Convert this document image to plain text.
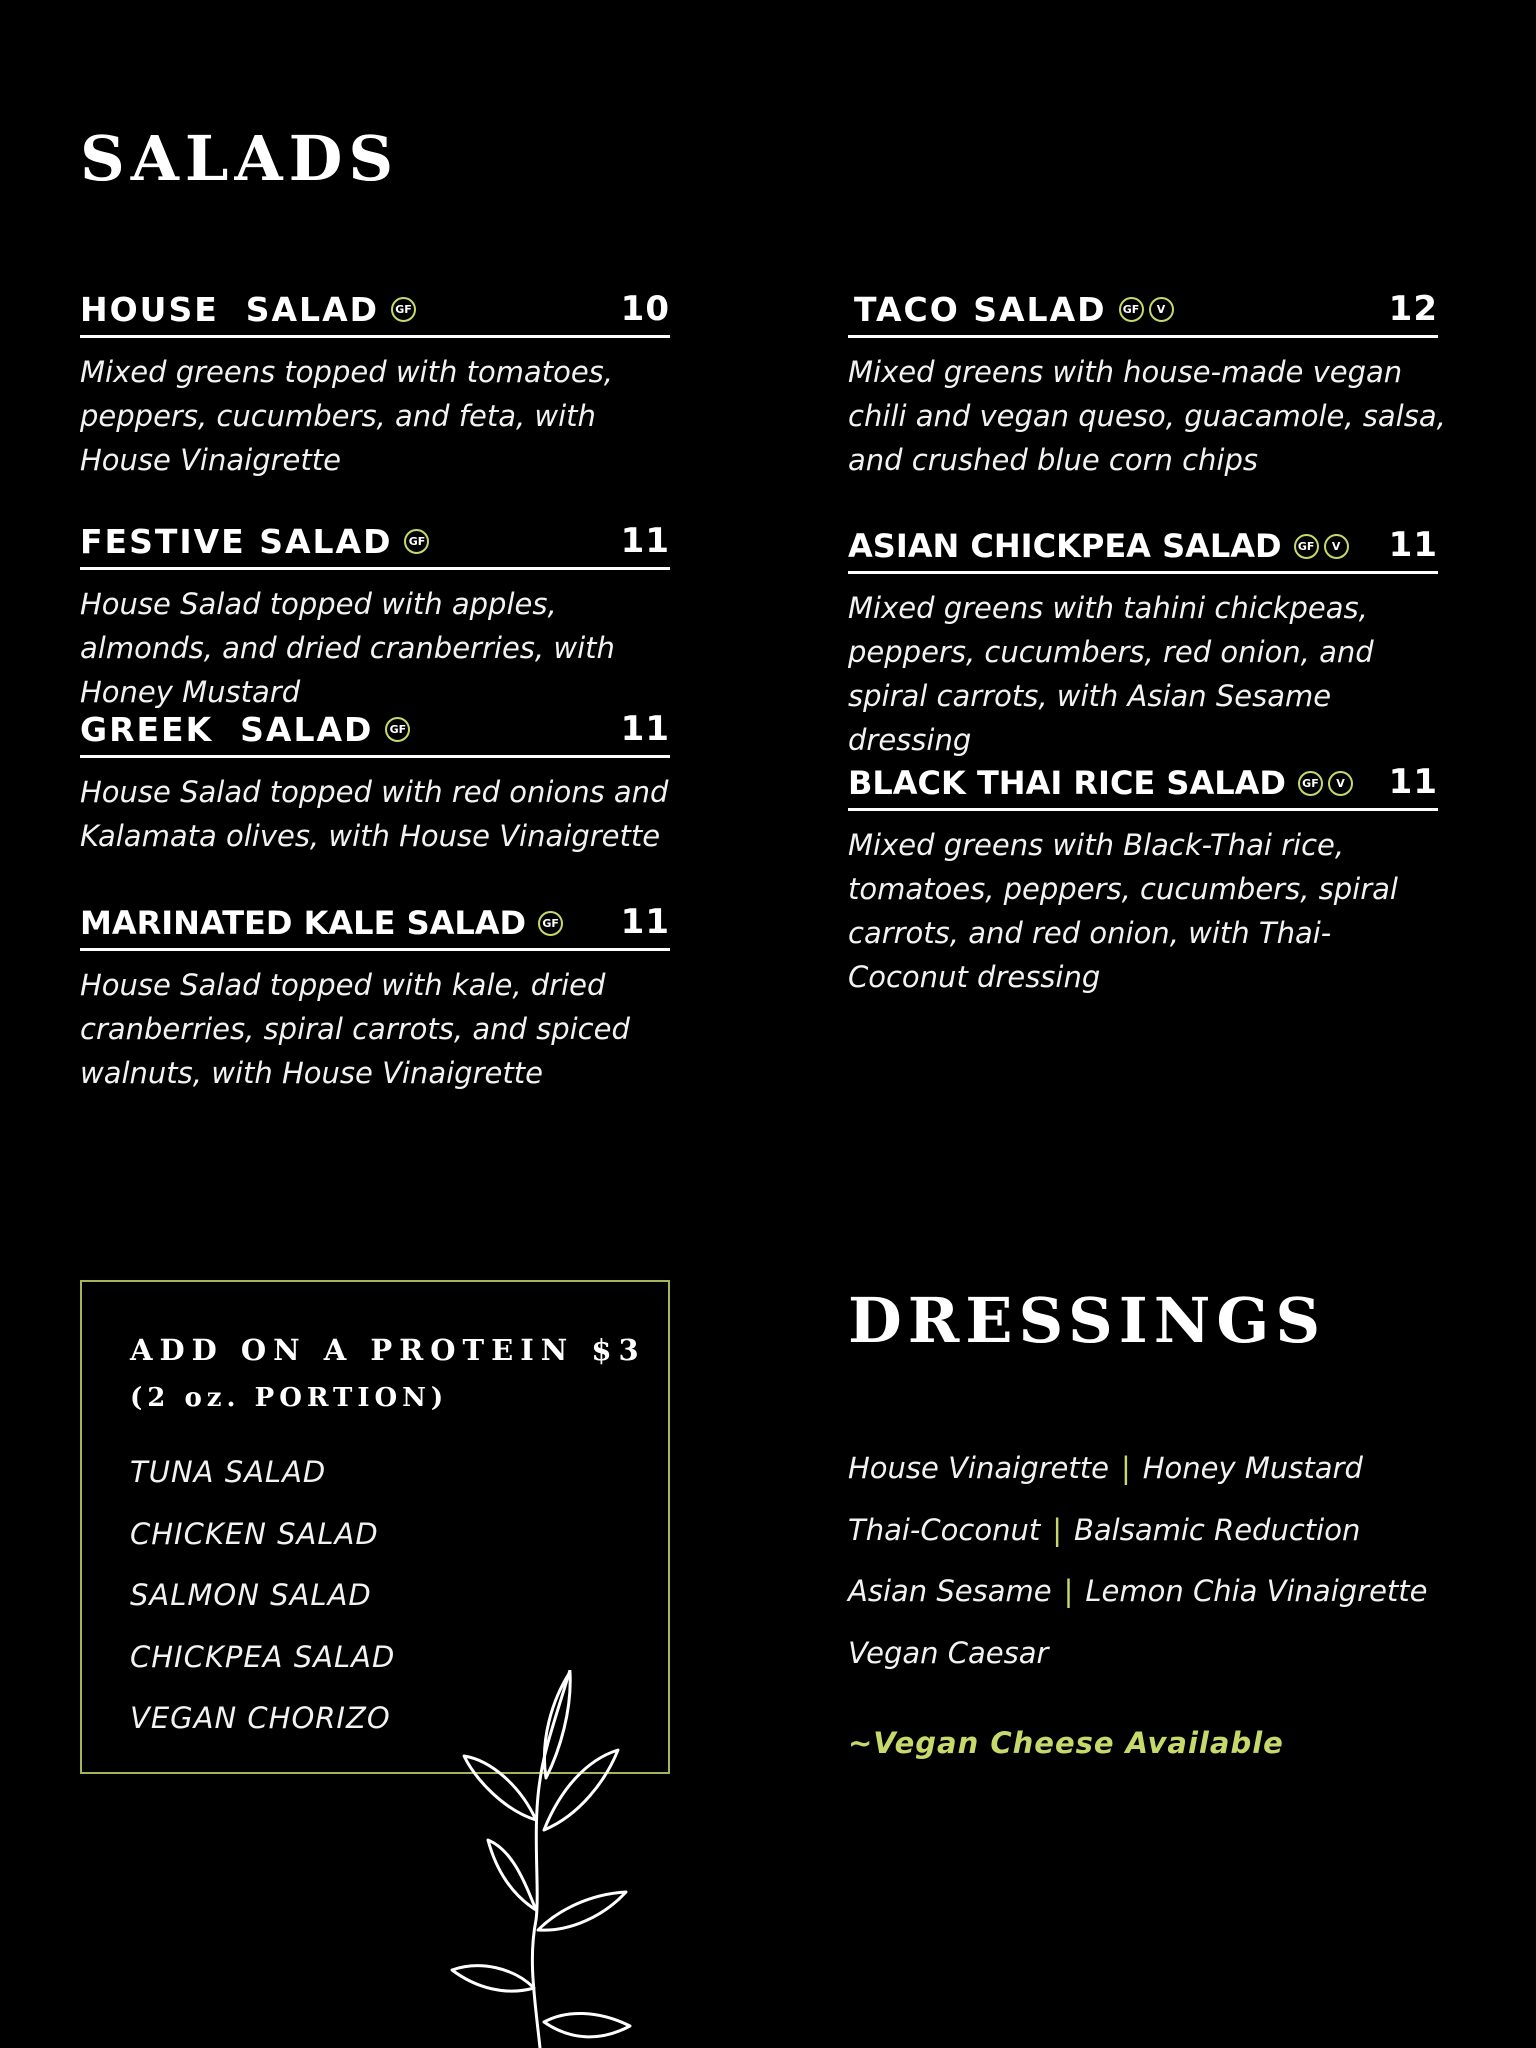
SALADS
HOUSE  SALAD	GF	10

Mixed greens topped with tomatoes, peppers, cucumbers, and feta, with House Vinaigrette

FESTIVE SALAD	GF	11

House Salad topped with apples, almonds, and dried cranberries, with Honey Mustard

GREEK  SALAD	GF	11

House Salad topped with red onions and Kalamata olives, with House Vinaigrette

MARINATED KALE SALAD	GF 11

House Salad topped with kale, dried cranberries, spiral carrots, and spiced walnuts, with House Vinaigrette

TACO SALAD	GF	V	12

Mixed greens with house-made vegan chili and vegan queso, guacamole, salsa, and crushed blue corn chips

ASIAN CHICKPEA SALAD	GF	V 11

Mixed greens with tahini chickpeas, peppers, cucumbers, red onion, and spiral carrots, with Asian Sesame dressing

BLACK THAI RICE SALAD	GF	V 11

Mixed greens with Black-Thai rice, tomatoes, peppers, cucumbers, spiral carrots, and red onion, with Thai-Coconut dressing

ADD ON A PROTEIN $3
(2 oz. PORTION)
TUNA SALAD
CHICKEN SALAD
SALMON SALAD
CHICKPEA SALAD
VEGAN CHORIZO
DRESSINGS
House Vinaigrette | Honey Mustard
Thai-Coconut | Balsamic Reduction
Asian Sesame | Lemon Chia Vinaigrette
Vegan Caesar
~Vegan Cheese Available
